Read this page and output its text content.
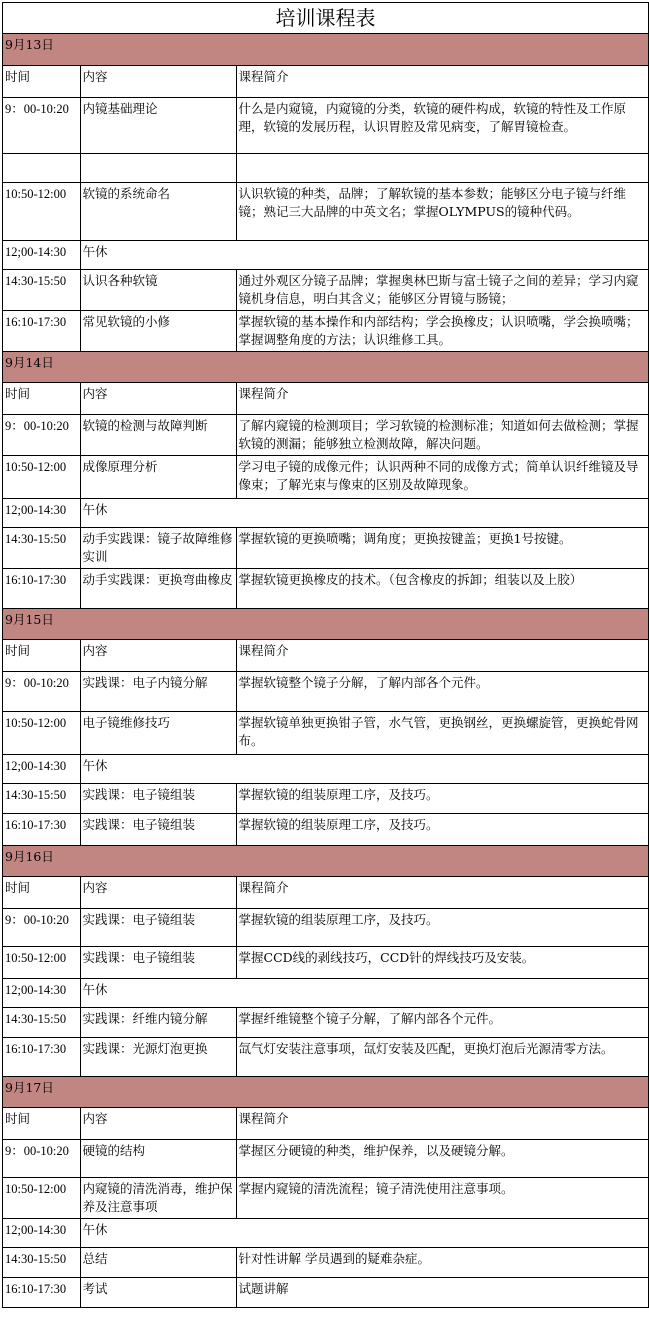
培训课程表
9月13日		
时间	内容	课程简介
9：00-10:20	内镜基础理论	什么是内窥镜，内窥镜的分类，软镜的硬件构成，软镜的特性及工作原理，软镜的发展历程，认识胃腔及常见病变，了解胃镜检查。

10:50-12:00	软镜的系统命名	认识软镜的种类，品牌；了解软镜的基本参数；能够区分电子镜与纤维镜；熟记三大品牌的中英文名；掌握OLYMPUS的镜种代码。
12;00-14:30	午休	
14:30-15:50	认识各种软镜	通过外观区分镜子品牌；掌握奥林巴斯与富士镜子之间的差异；学习内窥镜机身信息，明白其含义；能够区分胃镜与肠镜；
16:10-17:30	常见软镜的小修	掌握软镜的基本操作和内部结构；学会换橡皮；认识喷嘴，学会换喷嘴；掌握调整角度的方法；认识维修工具。
9月14日		
时间	内容	课程简介
9：00-10:20	软镜的检测与故障判断	了解内窥镜的检测项目；学习软镜的检测标准；知道如何去做检测；掌握软镜的测漏；能够独立检测故障，解决问题。
10:50-12:00	成像原理分析	学习电子镜的成像元件；认识两种不同的成像方式；简单认识纤维镜及导像束；了解光束与像束的区别及故障现象。
12;00-14:30	午休	
14:30-15:50	动手实践课：镜子故障维修实训	掌握软镜的更换喷嘴；调角度；更换按键盖；更换1号按键。
16:10-17:30	动手实践课：更换弯曲橡皮	掌握软镜更换橡皮的技术。（包含橡皮的拆卸；组装以及上胶）
9月15日		
时间	内容	课程简介
9：00-10:20	实践课：电子内镜分解	掌握软镜整个镜子分解，了解内部各个元件。
10:50-12:00	电子镜维修技巧	掌握软镜单独更换钳子管，水气管，更换钢丝，更换螺旋管，更换蛇骨网布。
12;00-14:30	午休	
14:30-15:50	实践课：电子镜组装	掌握软镜的组装原理工序，及技巧。
16:10-17:30	实践课：电子镜组装	掌握软镜的组装原理工序，及技巧。
9月16日		
时间	内容	课程简介
9：00-10:20	实践课：电子镜组装	掌握软镜的组装原理工序，及技巧。
10:50-12:00	实践课：电子镜组装	掌握CCD线的剥线技巧，CCD针的焊线技巧及安装。
12;00-14:30	午休	
14:30-15:50	实践课：纤维内镜分解	掌握纤维镜整个镜子分解，了解内部各个元件。
16:10-17:30	实践课：光源灯泡更换	氙气灯安装注意事项，氙灯安装及匹配，更换灯泡后光源清零方法。
9月17日		
时间	内容	课程简介
9：00-10:20	硬镜的结构	掌握区分硬镜的种类，维护保养，以及硬镜分解。
10:50-12:00	内窥镜的清洗消毒，维护保养及注意事项	掌握内窥镜的清洗流程；镜子清洗使用注意事项。
12;00-14:30	午休	
14:30-15:50	总结	针对性讲解 学员遇到的疑难杂症。
16:10-17:30	考试	试题讲解
